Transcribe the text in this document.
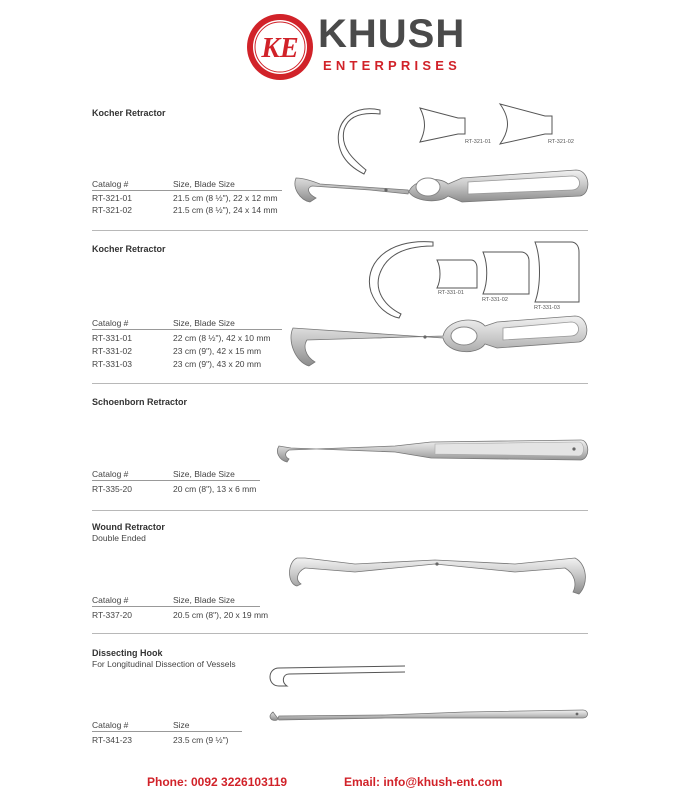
KE KHUSH
ENTERPRISES
Kocher Retractor
Catalog #	Size, Blade Size
RT-321-01	21.5 cm (8 ½"), 22 x 12 mm
RT-321-02	21.5 cm (8 ½"), 24 x 14 mm
RT-321-01	RT-321-02
Kocher Retractor
Catalog #	Size, Blade Size
RT-331-01	22 cm (8 ½"), 42 x 10 mm
RT-331-02	23 cm (9"), 42 x 15 mm
RT-331-03	23 cm (9"), 43 x 20 mm
RT-331-01
RT-331-02
RT-331-03
Schoenborn Retractor
Catalog #	Size, Blade Size
RT-335-20	20 cm (8"), 13 x 6 mm
Wound Retractor
Double Ended
Catalog #	Size, Blade Size
RT-337-20	20.5 cm (8"), 20 x 19 mm
Dissecting Hook
For Longitudinal Dissection of Vessels
Catalog #	Size
RT-341-23	23.5 cm (9 ½")
Phone: 0092 3226103119	Email: info@khush-ent.com
